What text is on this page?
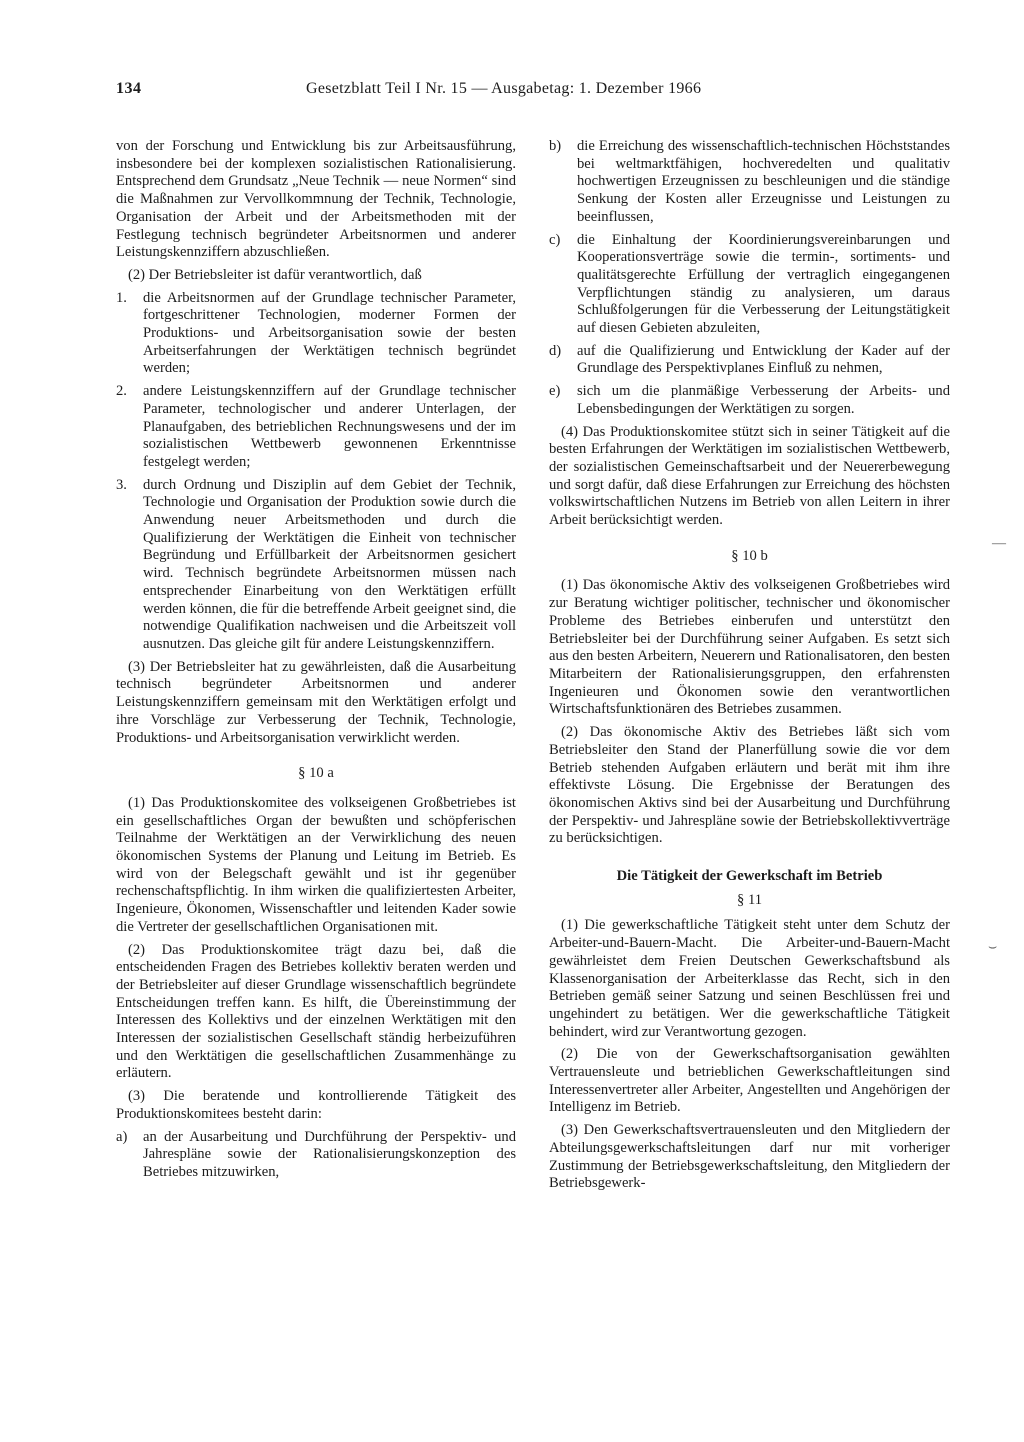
134	Gesetzblatt Teil I Nr. 15 — Ausgabetag: 1. Dezember 1966

von der Forschung und Entwicklung bis zur Arbeitsausführung, insbesondere bei der komplexen sozialistischen Rationalisierung. Entsprechend dem Grundsatz „Neue Technik — neue Normen“ sind die Maßnahmen zur Vervollkommnung der Technik, Technologie, Organisation der Arbeit und der Arbeitsmethoden mit der Festlegung technisch begründeter Arbeitsnormen und anderer Leistungskennziffern abzuschließen.

(2) Der Betriebsleiter ist dafür verantwortlich, daß

1. die Arbeitsnormen auf der Grundlage technischer Parameter, fortgeschrittener Technologien, moderner Formen der Produktions- und Arbeitsorganisation sowie der besten Arbeitserfahrungen der Werktätigen technisch begründet werden;
2. andere Leistungskennziffern auf der Grundlage technischer Parameter, technologischer und anderer Unterlagen, der Planaufgaben, des betrieblichen Rechnungswesens und der im sozialistischen Wettbewerb gewonnenen Erkenntnisse festgelegt werden;
3. durch Ordnung und Disziplin auf dem Gebiet der Technik, Technologie und Organisation der Produktion sowie durch die Anwendung neuer Arbeitsmethoden und durch die Qualifizierung der Werktätigen die Einheit von technischer Begründung und Erfüllbarkeit der Arbeitsnormen gesichert wird. Technisch begründete Arbeitsnormen müssen nach entsprechender Einarbeitung von den Werktätigen erfüllt werden können, die für die betreffende Arbeit geeignet sind, die notwendige Qualifikation nachweisen und die Arbeitszeit voll ausnutzen. Das gleiche gilt für andere Leistungskennziffern.

(3) Der Betriebsleiter hat zu gewährleisten, daß die Ausarbeitung technisch begründeter Arbeitsnormen und anderer Leistungskennziffern gemeinsam mit den Werktätigen erfolgt und ihre Vorschläge zur Verbesserung der Technik, Technologie, Produktions- und Arbeitsorganisation verwirklicht werden.

§ 10 a

(1) Das Produktionskomitee des volkseigenen Großbetriebes ist ein gesellschaftliches Organ der bewußten und schöpferischen Teilnahme der Werktätigen an der Verwirklichung des neuen ökonomischen Systems der Planung und Leitung im Betrieb. Es wird von der Belegschaft gewählt und ist ihr gegenüber rechenschaftspflichtig. In ihm wirken die qualifiziertesten Arbeiter, Ingenieure, Ökonomen, Wissenschaftler und leitenden Kader sowie die Vertreter der gesellschaftlichen Organisationen mit.

(2) Das Produktionskomitee trägt dazu bei, daß die entscheidenden Fragen des Betriebes kollektiv beraten werden und der Betriebsleiter auf dieser Grundlage wissenschaftlich begründete Entscheidungen treffen kann. Es hilft, die Übereinstimmung der Interessen des Kollektivs und der einzelnen Werktätigen mit den Interessen der sozialistischen Gesellschaft ständig herbeizuführen und den Werktätigen die gesellschaftlichen Zusammenhänge zu erläutern.

(3) Die beratende und kontrollierende Tätigkeit des Produktionskomitees besteht darin:

a) an der Ausarbeitung und Durchführung der Perspektiv- und Jahrespläne sowie der Rationalisierungskonzeption des Betriebes mitzuwirken,
b) die Erreichung des wissenschaftlich-technischen Höchststandes bei weltmarktfähigen, hochveredelten und qualitativ hochwertigen Erzeugnissen zu beschleunigen und die ständige Senkung der Kosten aller Erzeugnisse und Leistungen zu beeinflussen,
c) die Einhaltung der Koordinierungsvereinbarungen und Kooperationsverträge sowie die termin-, sortiments- und qualitätsgerechte Erfüllung der vertraglich eingegangenen Verpflichtungen ständig zu analysieren, um daraus Schlußfolgerungen für die Verbesserung der Leitungstätigkeit auf diesen Gebieten abzuleiten,
d) auf die Qualifizierung und Entwicklung der Kader auf der Grundlage des Perspektivplanes Einfluß zu nehmen,
e) sich um die planmäßige Verbesserung der Arbeits- und Lebensbedingungen der Werktätigen zu sorgen.

(4) Das Produktionskomitee stützt sich in seiner Tätigkeit auf die besten Erfahrungen der Werktätigen im sozialistischen Wettbewerb, der sozialistischen Gemeinschaftsarbeit und der Neuererbewegung und sorgt dafür, daß diese Erfahrungen zur Erreichung des höchsten volkswirtschaftlichen Nutzens im Betrieb von allen Leitern in ihrer Arbeit berücksichtigt werden.

§ 10 b

(1) Das ökonomische Aktiv des volkseigenen Großbetriebes wird zur Beratung wichtiger politischer, technischer und ökonomischer Probleme des Betriebes einberufen und unterstützt den Betriebsleiter bei der Durchführung seiner Aufgaben. Es setzt sich aus den besten Arbeitern, Neuerern und Rationalisatoren, den besten Mitarbeitern der Rationalisierungsgruppen, den erfahrensten Ingenieuren und Ökonomen sowie den verantwortlichen Wirtschaftsfunktionären des Betriebes zusammen.

(2) Das ökonomische Aktiv des Betriebes läßt sich vom Betriebsleiter den Stand der Planerfüllung sowie die vor dem Betrieb stehenden Aufgaben erläutern und berät mit ihm ihre effektivste Lösung. Die Ergebnisse der Beratungen des ökonomischen Aktivs sind bei der Ausarbeitung und Durchführung der Perspektiv- und Jahrespläne sowie der Betriebskollektivverträge zu berücksichtigen.

Die Tätigkeit der Gewerkschaft im Betrieb
§ 11

(1) Die gewerkschaftliche Tätigkeit steht unter dem Schutz der Arbeiter-und-Bauern-Macht. Die Arbeiter-und-Bauern-Macht gewährleistet dem Freien Deutschen Gewerkschaftsbund als Klassenorganisation der Arbeiterklasse das Recht, sich in den Betrieben gemäß seiner Satzung und seinen Beschlüssen frei und ungehindert zu betätigen. Wer die gewerkschaftliche Tätigkeit behindert, wird zur Verantwortung gezogen.

(2) Die von der Gewerkschaftsorganisation gewählten Vertrauensleute und betrieblichen Gewerkschaftleitungen sind Interessenvertreter aller Arbeiter, Angestellten und Angehörigen der Intelligenz im Betrieb.

(3) Den Gewerkschaftsvertrauensleuten und den Mitgliedern der Abteilungsgewerkschaftsleitungen darf nur mit vorheriger Zustimmung der Betriebsgewerkschaftsleitung, den Mitgliedern der Betriebsgewerk-

—
⌣
